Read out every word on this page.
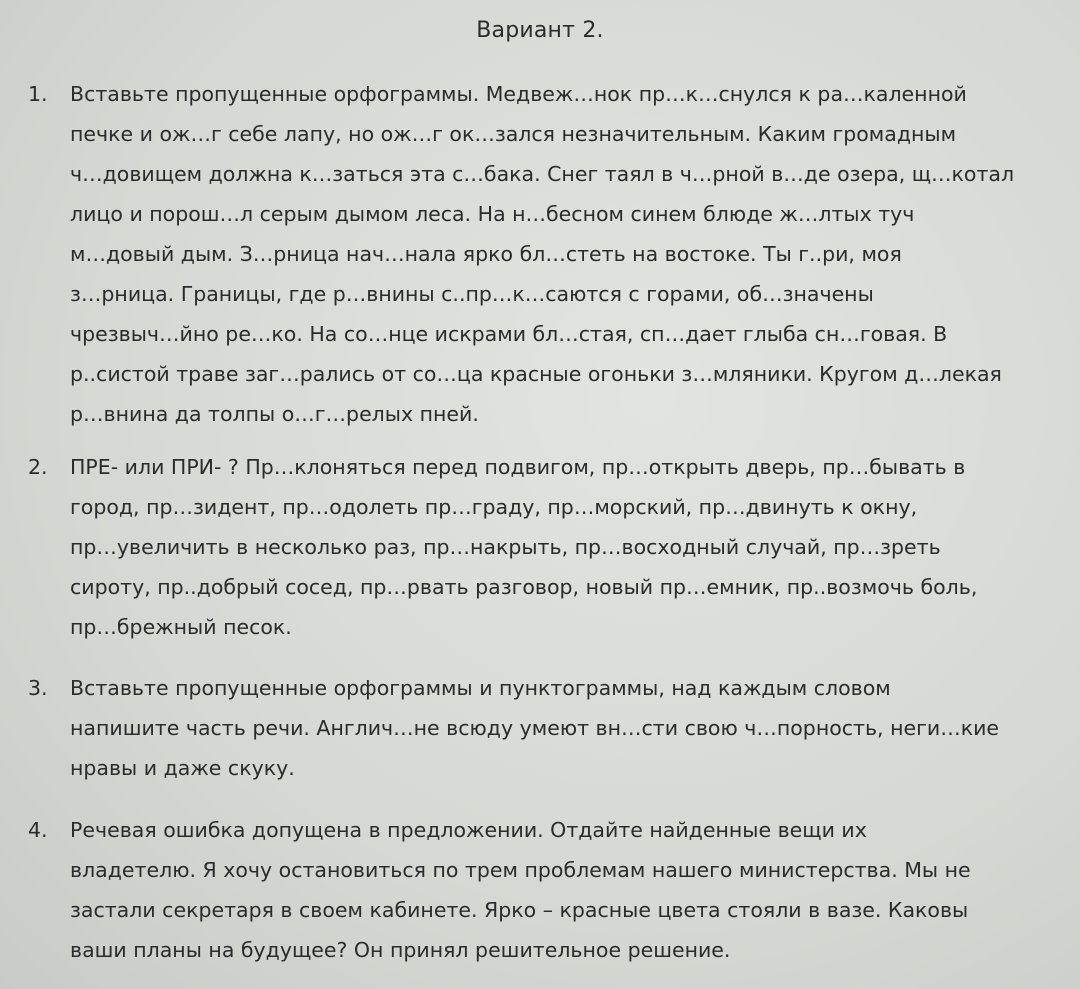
Вариант 2.
1.	Вставьте пропущенные орфограммы. Медвеж…нок пр…к…снулся к ра…каленной
печке и ож…г себе лапу, но ож…г ок…зался незначительным. Каким громадным
ч…довищем должна к…заться эта с…бака. Снег таял в ч…рной в…де озера, щ…котал
лицо и порош…л серым дымом леса. На н…бесном синем блюде ж…лтых туч
м…довый дым. З…рница нач…нала ярко бл…стеть на востоке. Ты г..ри, моя
з…рница. Границы, где р…внины с..пр…к…саются с горами, об…значены
чрезвыч…йно ре…ко. На со…нце искрами бл…стая, сп…дает глыба сн…говая. В
р..систой траве заг…рались от со…ца красные огоньки з…мляники. Кругом д…лекая
р…внина да толпы о…г…релых пней.
2.	ПРЕ- или ПРИ- ? Пр…клоняться перед подвигом, пр…открыть дверь, пр…бывать в
город, пр…зидент, пр…одолеть пр…граду, пр…морский, пр…двинуть к окну,
пр…увеличить в несколько раз, пр…накрыть, пр…восходный случай, пр…зреть
сироту, пр..добрый сосед, пр…рвать разговор, новый пр…емник, пр..возмочь боль,
пр…брежный песок.
3.	Вставьте пропущенные орфограммы и пунктограммы, над каждым словом
напишите часть речи. Англич…не всюду умеют вн…сти свою ч…порность, неги…кие
нравы и даже скуку.
4.	Речевая ошибка допущена в предложении. Отдайте найденные вещи их
владетелю. Я хочу остановиться по трем проблемам нашего министерства. Мы не
застали секретаря в своем кабинете. Ярко – красные цвета стояли в вазе. Каковы
ваши планы на будущее? Он принял решительное решение.
